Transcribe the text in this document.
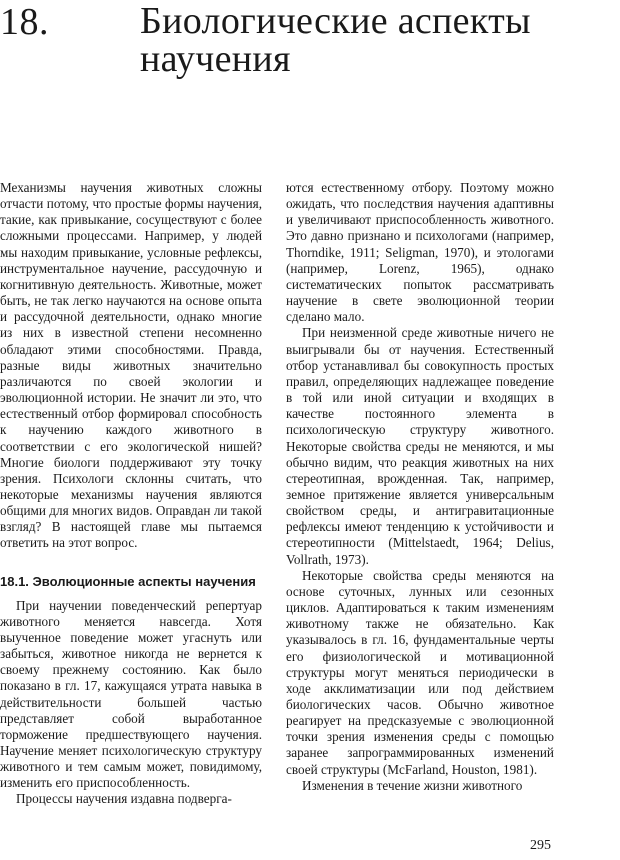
18. Биологические аспекты научения

Механизмы научения животных сложны отчасти потому, что простые формы научения, такие, как привыкание, сосуществуют с более сложными процессами. Например, у людей мы находим привыкание, условные рефлексы, инструментальное научение, рассудочную и когнитивную деятельность. Животные, может быть, не так легко научаются на основе опыта и рассудочной деятельности, однако многие из них в известной степени несомненно обладают этими способностями. Правда, разные виды животных значительно различаются по своей экологии и эволюционной истории. Не значит ли это, что естественный отбор формировал способность к научению каждого животного в соответствии с его экологической нишей? Многие биологи поддерживают эту точку зрения. Психологи склонны считать, что некоторые механизмы научения являются общими для многих видов. Оправдан ли такой взгляд? В настоящей главе мы пытаемся ответить на этот вопрос.

18.1. Эволюционные аспекты научения

При научении поведенческий репертуар животного меняется навсегда. Хотя выученное поведение может угаснуть или забыться, животное никогда не вернется к своему прежнему состоянию. Как было показано в гл. 17, кажущаяся утрата навыка в действительности большей частью представляет собой выработанное торможение предшествующего научения. Научение меняет психологическую структуру животного и тем самым может, повидимому, изменить его приспособленность.

Процессы научения издавна подверга-

ются естественному отбору. Поэтому можно ожидать, что последствия научения адаптивны и увеличивают приспособленность животного. Это давно признано и психологами (например, Thorndike, 1911; Seligman, 1970), и этологами (например, Lorenz, 1965), однако систематических попыток рассматривать научение в свете эволюционной теории сделано мало.

При неизменной среде животные ничего не выигрывали бы от научения. Естественный отбор устанавливал бы совокупность простых правил, определяющих надлежащее поведение в той или иной ситуации и входящих в качестве постоянного элемента в психологическую структуру животного. Некоторые свойства среды не меняются, и мы обычно видим, что реакция животных на них стереотипная, врожденная. Так, например, земное притяжение является универсальным свойством среды, и антигравитационные рефлексы имеют тенденцию к устойчивости и стереотипности (Mittelstaedt, 1964; Delius, Vollrath, 1973).

Некоторые свойства среды меняются на основе суточных, лунных или сезонных циклов. Адаптироваться к таким изменениям животному также не обязательно. Как указывалось в гл. 16, фундаментальные черты его физиологической и мотивационной структуры могут меняться периодически в ходе акклиматизации или под действием биологических часов. Обычно животное реагирует на предсказуемые с эволюционной точки зрения изменения среды с помощью заранее запрограммированных изменений своей структуры (McFarland, Houston, 1981).

Изменения в течение жизни животного

295
